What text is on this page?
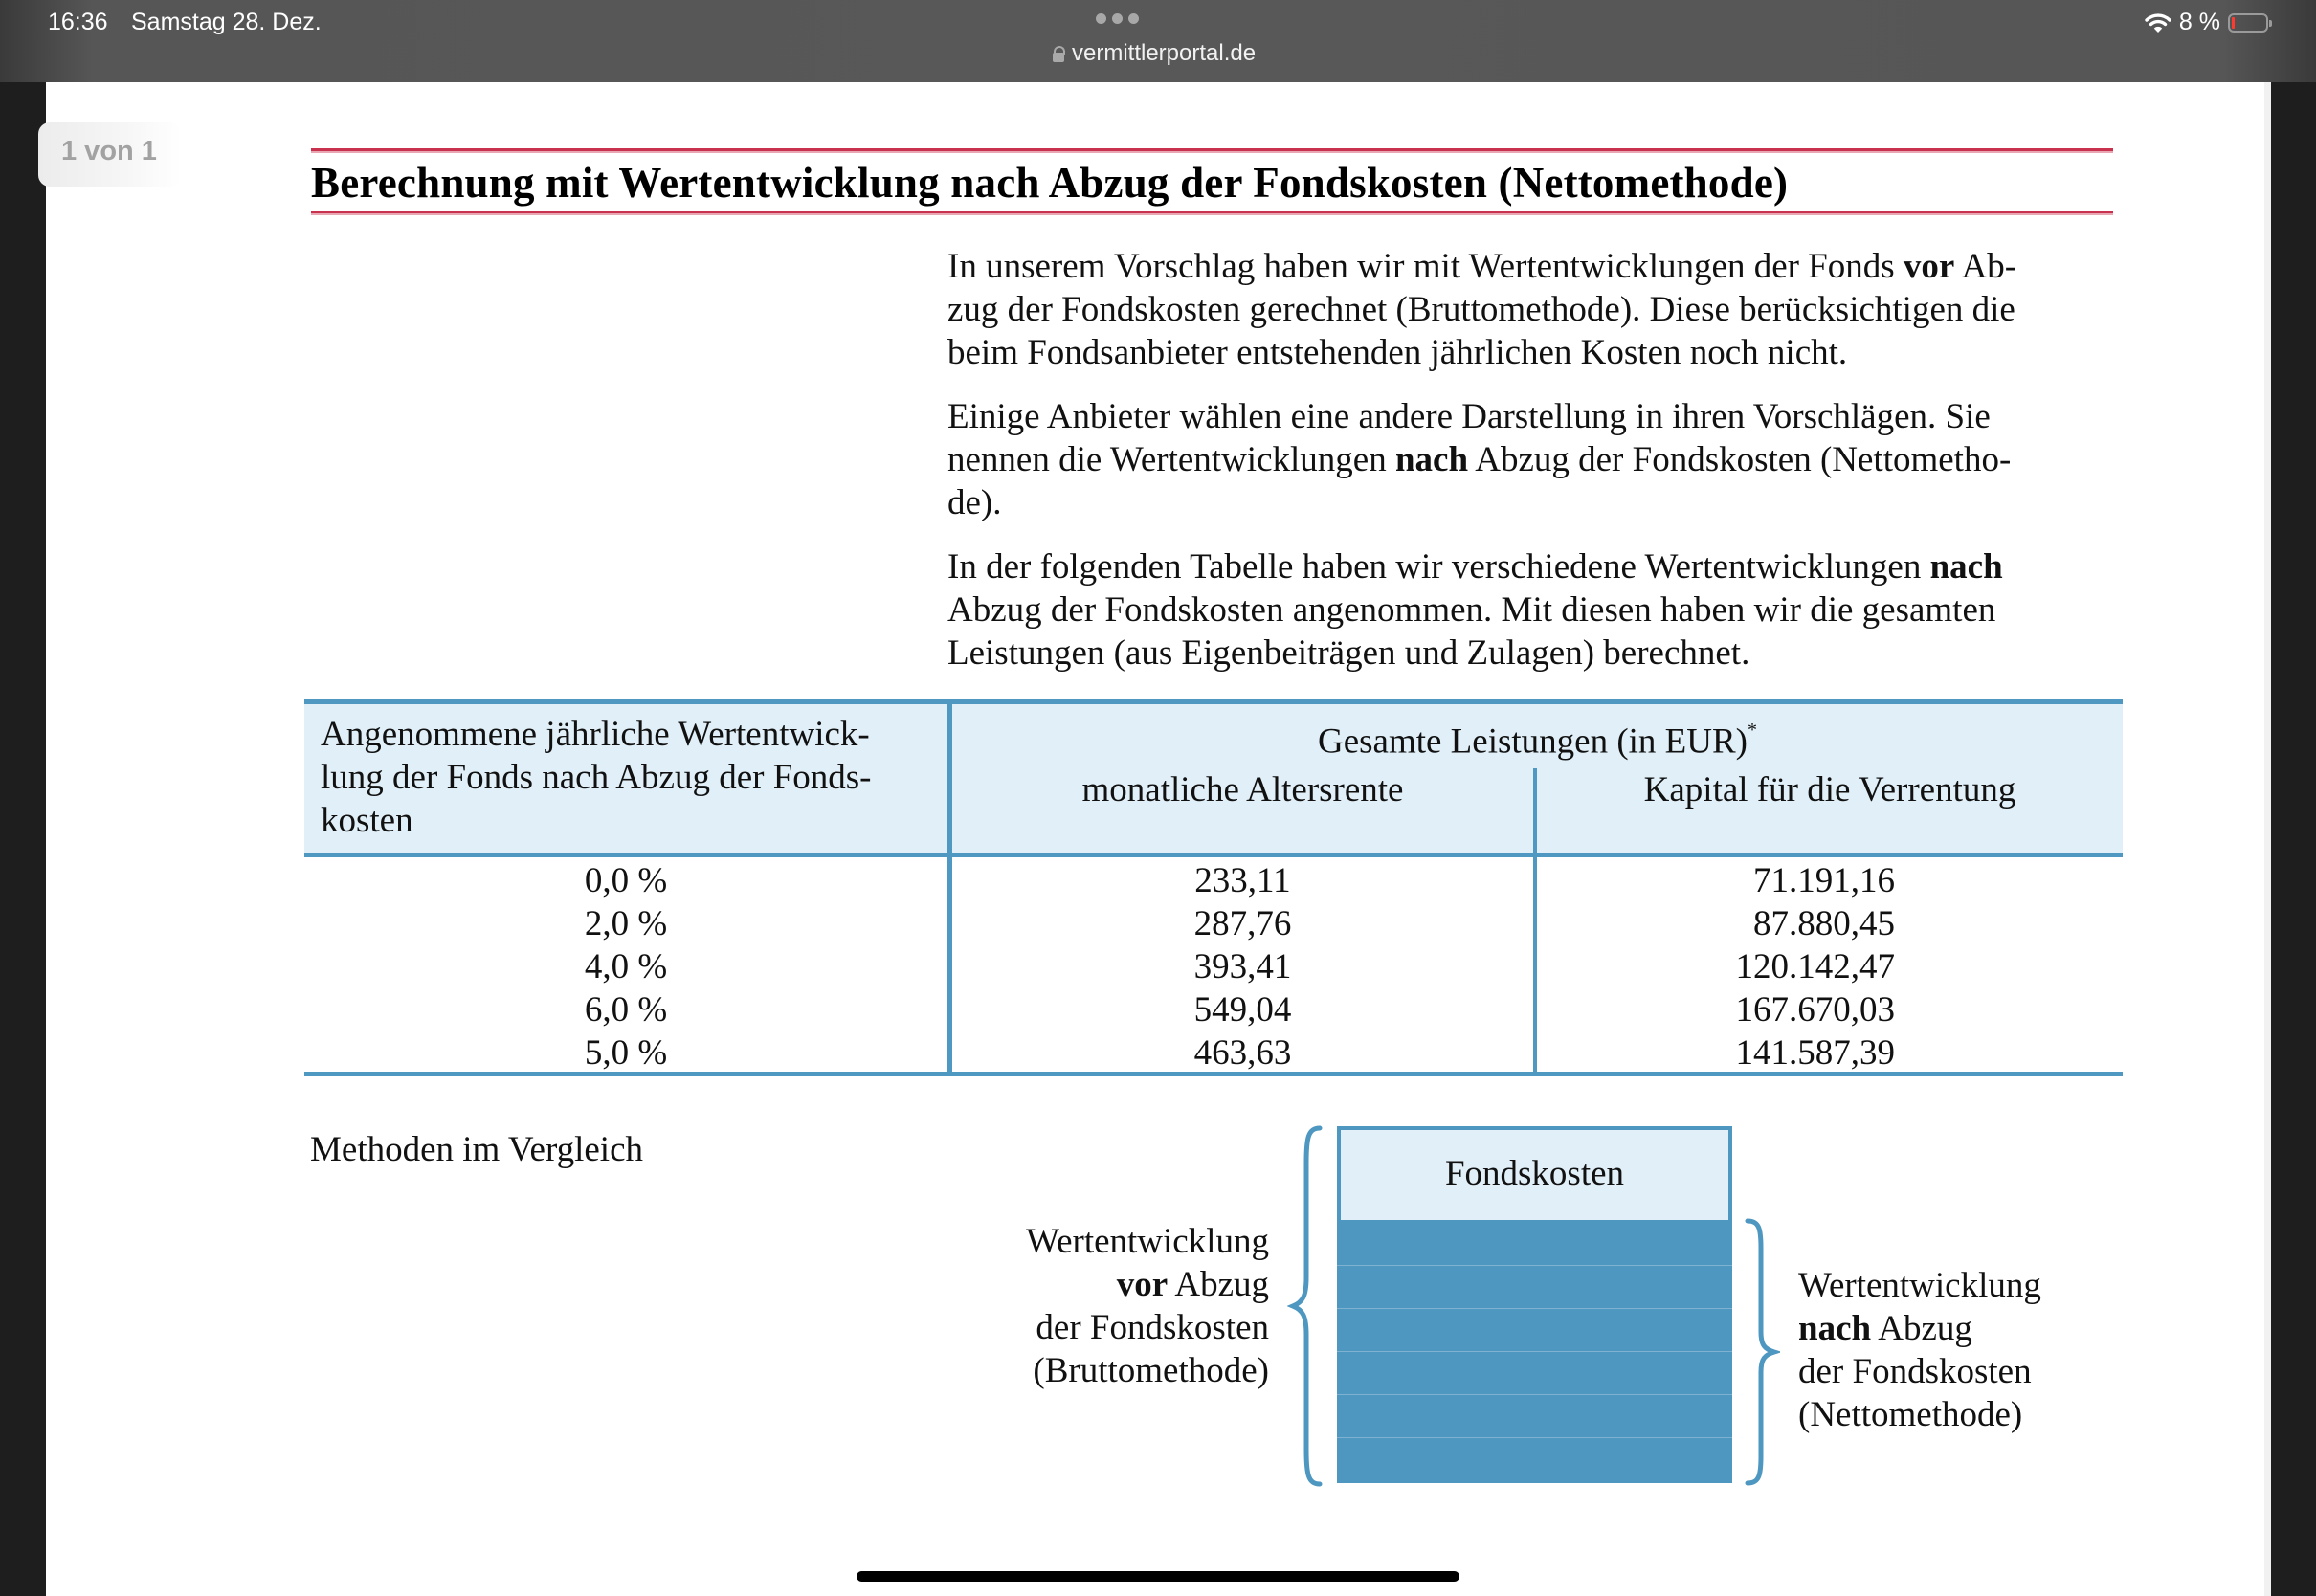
16:36 Samstag 28. Dez.
vermittlerportal.de
8 %
1 von 1
Berechnung mit Wertentwicklung nach Abzug der Fondskosten (Nettomethode)
In unserem Vorschlag haben wir mit Wertentwicklungen der Fonds vor Ab-
zug der Fondskosten gerechnet (Bruttomethode). Diese berücksichtigen die
beim Fondsanbieter entstehenden jährlichen Kosten noch nicht.
Einige Anbieter wählen eine andere Darstellung in ihren Vorschlägen. Sie
nennen die Wertentwicklungen nach Abzug der Fondskosten (Nettometho-
de).
In der folgenden Tabelle haben wir verschiedene Wertentwicklungen nach
Abzug der Fondskosten angenommen. Mit diesen haben wir die gesamten
Leistungen (aus Eigenbeiträgen und Zulagen) berechnet.
Angenommene jährliche Wertentwick-
lung der Fonds nach Abzug der Fonds-
kosten
Gesamte Leistungen (in EUR)*
monatliche Altersrente	Kapital für die Verrentung
0,0 %	233,11	71.191,16
2,0 %	287,76	87.880,45
4,0 %	393,41	120.142,47
6,0 %	549,04	167.670,03
5,0 %	463,63	141.587,39
Methoden im Vergleich
Wertentwicklung
vor Abzug
der Fondskosten
(Bruttomethode)
Fondskosten
Wertentwicklung
nach Abzug
der Fondskosten
(Nettomethode)
